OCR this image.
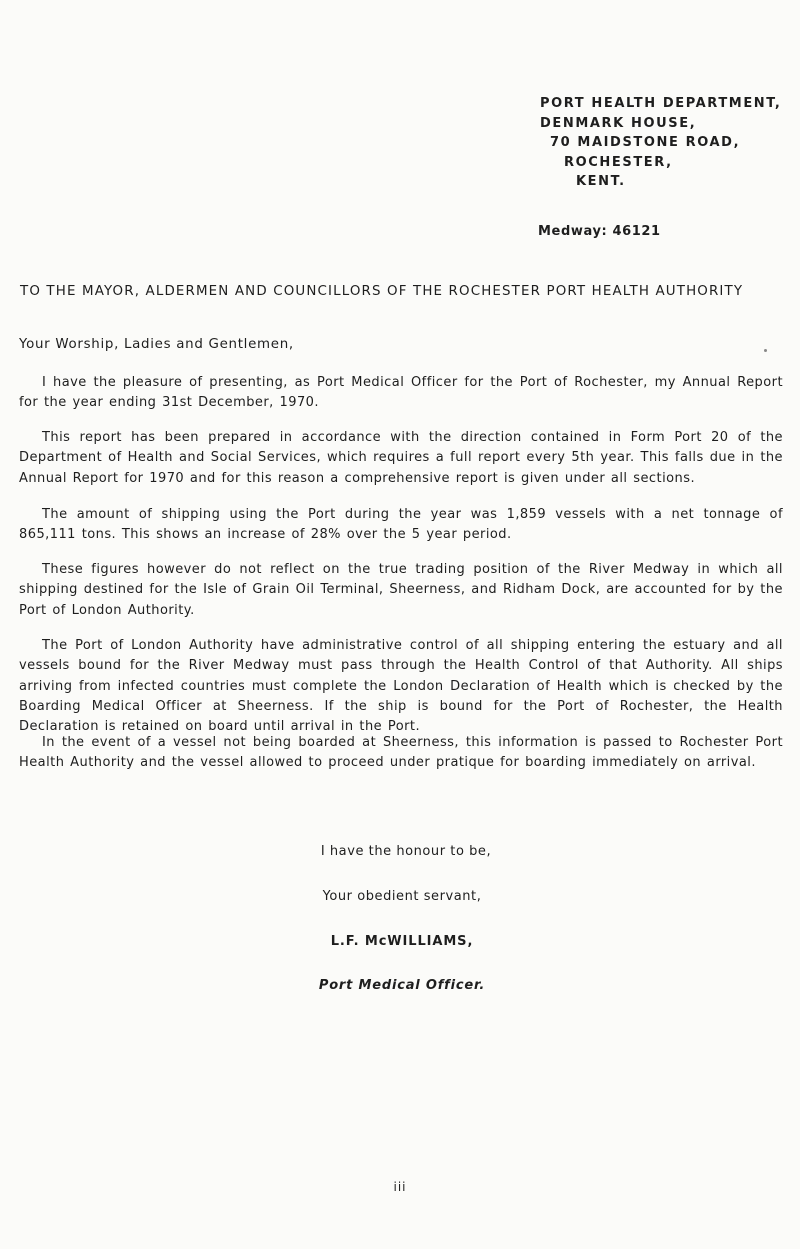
PORT HEALTH DEPARTMENT,
DENMARK HOUSE,
70 MAIDSTONE ROAD,
ROCHESTER,
KENT.
Medway: 46121
TO THE MAYOR, ALDERMEN AND COUNCILLORS OF THE ROCHESTER PORT HEALTH AUTHORITY
Your Worship, Ladies and Gentlemen,

I have the pleasure of presenting, as Port Medical Officer for the Port of Rochester, my Annual Report for the year ending 31st December, 1970.

This report has been prepared in accordance with the direction contained in Form Port 20 of the Department of Health and Social Services, which requires a full report every 5th year. This falls due in the Annual Report for 1970 and for this reason a comprehensive report is given under all sections.

The amount of shipping using the Port during the year was 1,859 vessels with a net tonnage of 865,111 tons. This shows an increase of 28% over the 5 year period.

These figures however do not reflect on the true trading position of the River Medway in which all shipping destined for the Isle of Grain Oil Terminal, Sheerness, and Ridham Dock, are accounted for by the Port of London Authority.

The Port of London Authority have administrative control of all shipping entering the estuary and all vessels bound for the River Medway must pass through the Health Control of that Authority. All ships arriving from infected countries must complete the London Declaration of Health which is checked by the Boarding Medical Officer at Sheerness. If the ship is bound for the Port of Rochester, the Health Declaration is retained on board until arrival in the Port.

In the event of a vessel not being boarded at Sheerness, this information is passed to Rochester Port Health Authority and the vessel allowed to proceed under pratique for boarding immediately on arrival.

I have the honour to be,
Your obedient servant,
L.F. McWILLIAMS,
Port Medical Officer.
iii
